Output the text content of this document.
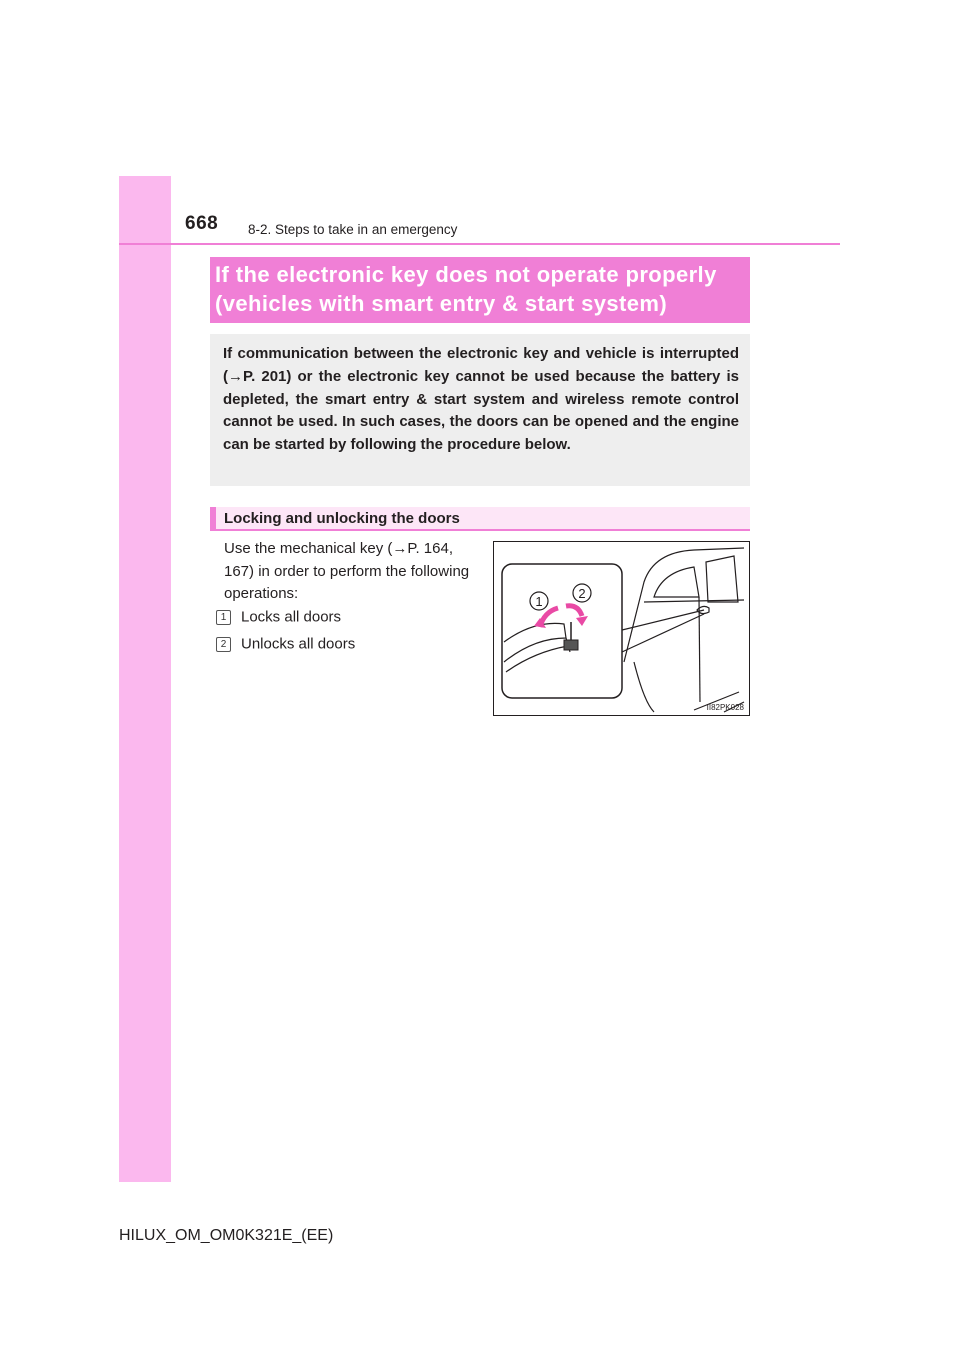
668 8-2. Steps to take in an emergency
If the electronic key does not operate properly
(vehicles with smart entry & start system)
If communication between the electronic key and vehicle is interrupted (→P. 201) or the electronic key cannot be used because the battery is depleted, the smart entry & start system and wireless remote control cannot be used. In such cases, the doors can be opened and the engine can be started by following the procedure below.
Locking and unlocking the doors
Use the mechanical key (→P. 164, 167) in order to perform the following operations:
1 Locks all doors
2 Unlocks all doors
1
2
II82PK028
HILUX_OM_OM0K321E_(EE)
